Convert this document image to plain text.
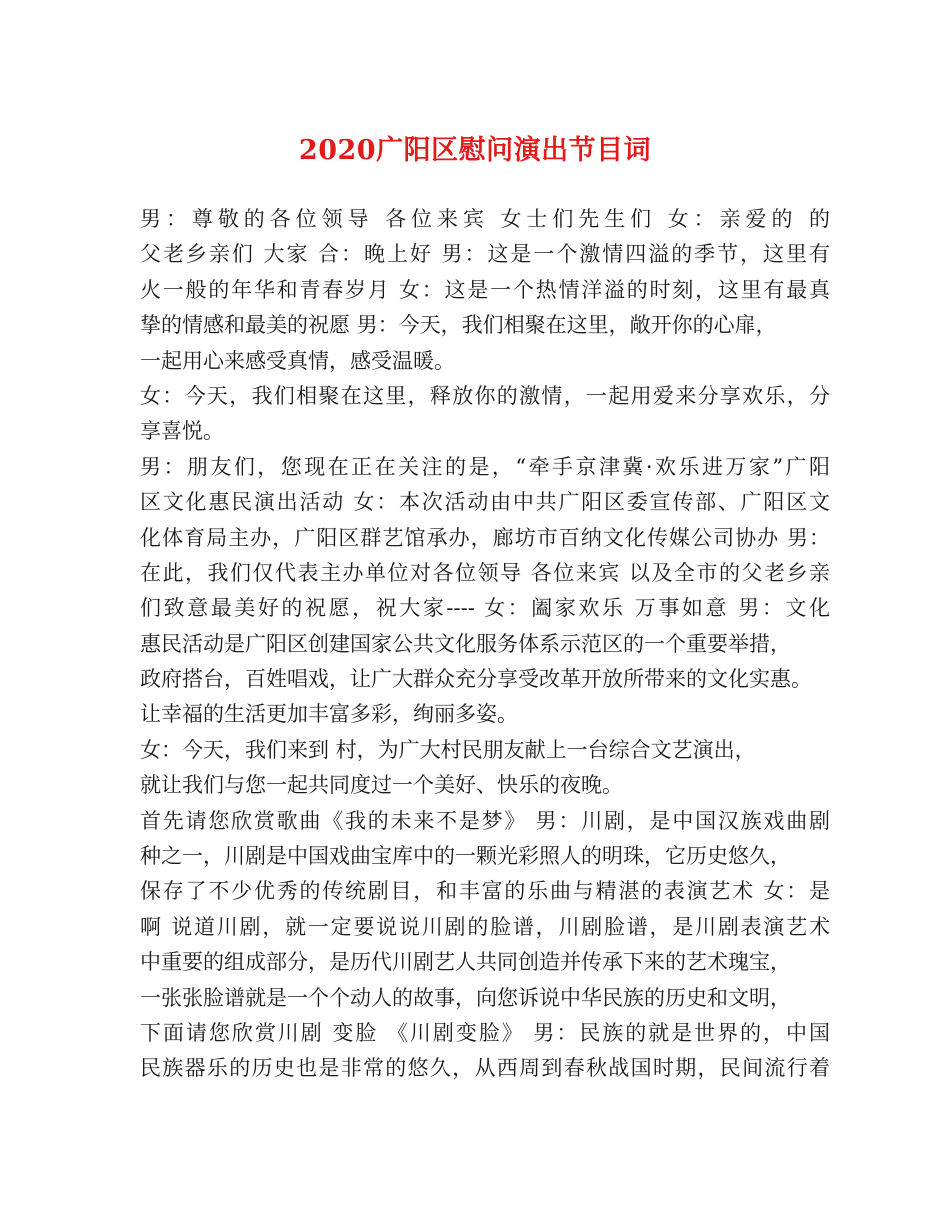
2020广阳区慰问演出节目词
男：尊敬的各位领导 各位来宾 女士们先生们 女：亲爱的 的
父老乡亲们 大家 合：晚上好 男：这是一个激情四溢的季节，这里有
火一般的年华和青春岁月 女：这是一个热情洋溢的时刻，这里有最真
挚的情感和最美的祝愿 男：今天，我们相聚在这里，敞开你的心扉，
一起用心来感受真情，感受温暖。
女：今天，我们相聚在这里，释放你的激情，一起用爱来分享欢乐，分
享喜悦。
男：朋友们，您现在正在关注的是，“牵手京津冀·欢乐进万家”广阳
区文化惠民演出活动 女：本次活动由中共广阳区委宣传部、广阳区文
化体育局主办，广阳区群艺馆承办，廊坊市百纳文化传媒公司协办 男：
在此，我们仅代表主办单位对各位领导 各位来宾 以及全市的父老乡亲
们致意最美好的祝愿，祝大家---- 女：阖家欢乐 万事如意 男：文化
惠民活动是广阳区创建国家公共文化服务体系示范区的一个重要举措，
政府搭台，百姓唱戏，让广大群众充分享受改革开放所带来的文化实惠。
让幸福的生活更加丰富多彩，绚丽多姿。
女：今天，我们来到 村，为广大村民朋友献上一台综合文艺演出，
就让我们与您一起共同度过一个美好、快乐的夜晚。
首先请您欣赏歌曲《我的未来不是梦》 男：川剧，是中国汉族戏曲剧
种之一，川剧是中国戏曲宝库中的一颗光彩照人的明珠，它历史悠久，
保存了不少优秀的传统剧目，和丰富的乐曲与精湛的表演艺术 女：是
啊 说道川剧，就一定要说说川剧的脸谱，川剧脸谱，是川剧表演艺术
中重要的组成部分，是历代川剧艺人共同创造并传承下来的艺术瑰宝，
一张张脸谱就是一个个动人的故事，向您诉说中华民族的历史和文明，
下面请您欣赏川剧 变脸 《川剧变脸》 男：民族的就是世界的，中国
民族器乐的历史也是非常的悠久，从西周到春秋战国时期，民间流行着
